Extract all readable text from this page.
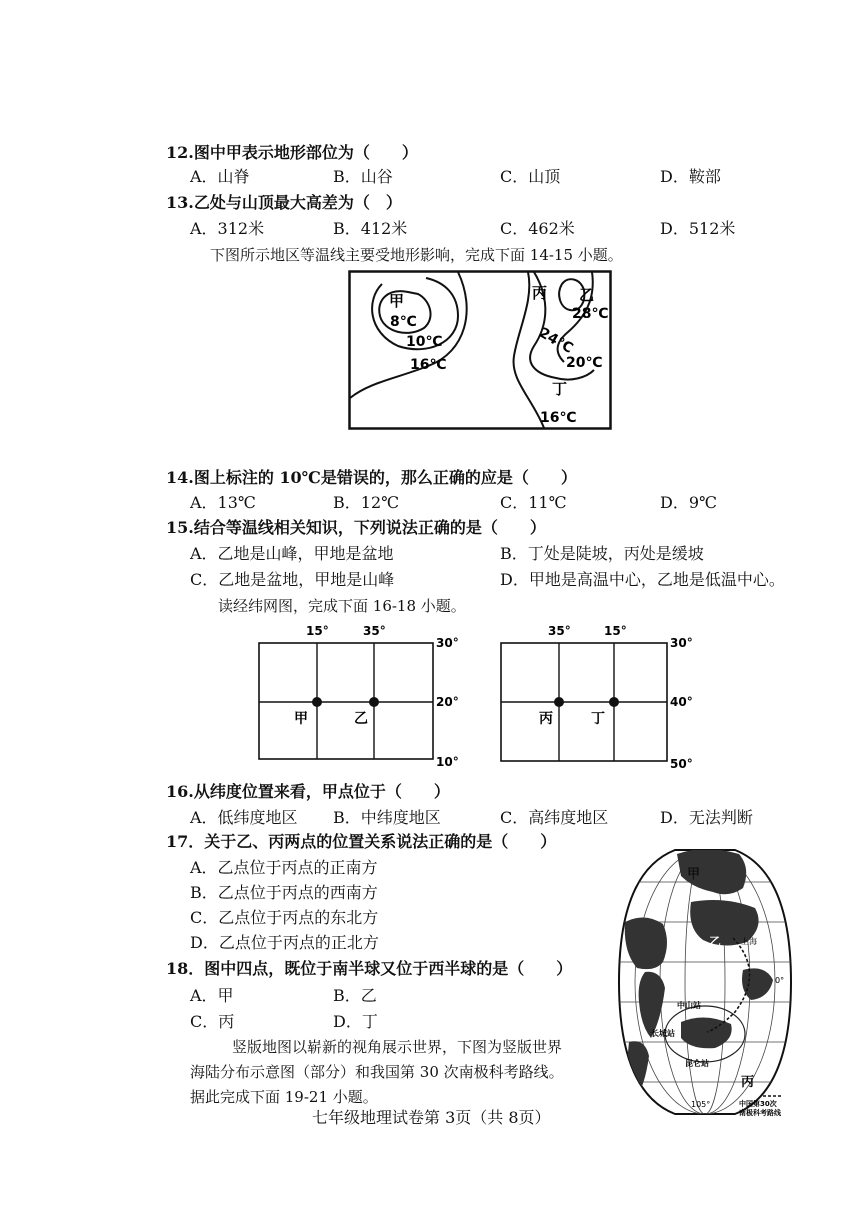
12.图中甲表示地形部位为（　　）
A．山脊	B．山谷	C．山顶	D．鞍部
13.乙处与山顶最大高差为（　）
A．312米	B．412米	C．462米	D．512米
下图所示地区等温线主要受地形影响，完成下面 14-15 小题。
甲
8℃
10℃
16℃
丙 乙
28℃
24℃
20℃
丁
16℃
14.图上标注的 10℃是错误的，那么正确的应是（　　）
A．13℃	B．12℃	C．11℃	D．9℃
15.结合等温线相关知识，下列说法正确的是（　　）
A．乙地是山峰，甲地是盆地	B．丁处是陡坡，丙处是缓坡
C．乙地是盆地，甲地是山峰	D．甲地是高温中心，乙地是低温中心。
读经纬网图，完成下面 16-18 小题。
15°	35°
30°
20°
10°
甲	乙
35°	15°
30°
40°
50°
丙	丁
16.从纬度位置来看，甲点位于（　　）
A．低纬度地区 B．中纬度地区	C．高纬度地区	D．无法判断
17．关于乙、丙两点的位置关系说法正确的是（　　）
A．乙点位于丙点的正南方
B．乙点位于丙点的西南方
C．乙点位于丙点的东北方
D．乙点位于丙点的正北方
18．图中四点，既位于南半球又位于西半球的是（　　）
A．甲	B．乙
C．丙	D．丁
竖版地图以崭新的视角展示世界，下图为竖版世界
海陆分布示意图（部分）和我国第 30 次南极科考路线。
据此完成下面 19-21 小题。
甲
乙
丙
上海
中山站
长城站
昆仑站
0°
105°	中国第30次
南极科考路线
七年级地理试卷第 3页（共 8页）
